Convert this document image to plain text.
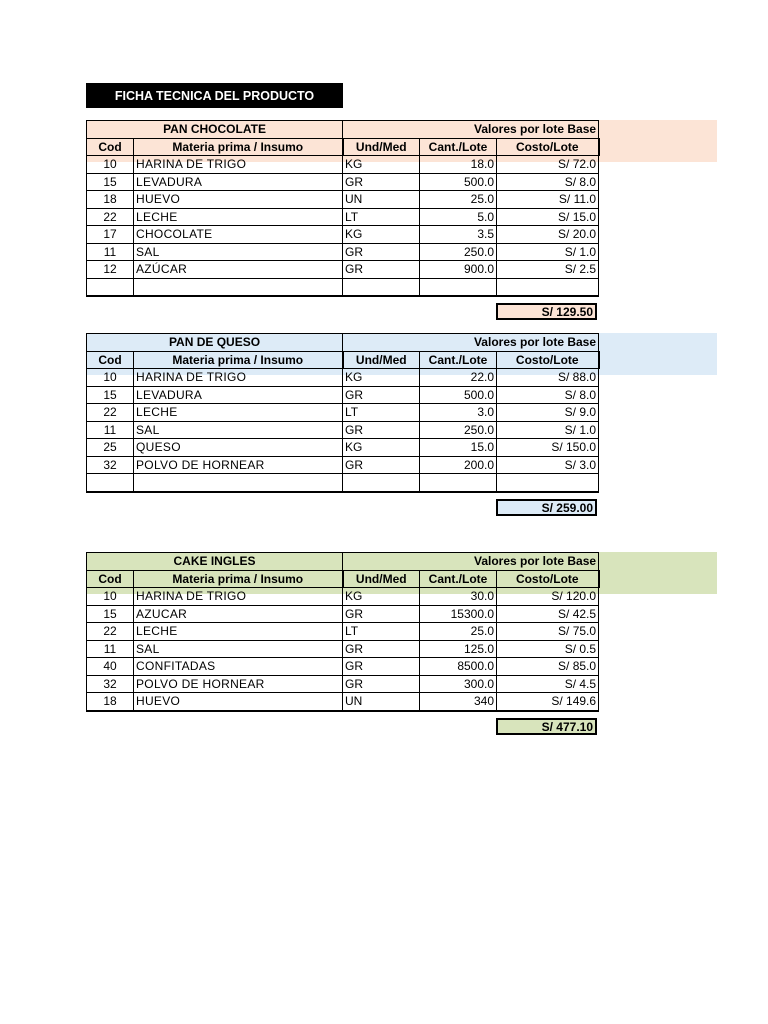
FICHA TECNICA DEL PRODUCTO
PAN CHOCOLATE		Valores por lote Base		
Cod	Materia prima / Insumo	Und/Med	Cant./Lote	Costo/Lote
10	HARINA DE TRIGO	KG	18.0	S/ 72.0
15	LEVADURA	GR	500.0	S/ 8.0
18	HUEVO	UN	25.0	S/ 11.0
22	LECHE	LT	5.0	S/ 15.0
17	CHOCOLATE	KG	3.5	S/ 20.0
11	SAL	GR	250.0	S/ 1.0
12	AZÚCAR	GR	900.0	S/ 2.5

S/ 129.50
PAN DE QUESO		Valores por lote Base		
Cod	Materia prima / Insumo	Und/Med	Cant./Lote	Costo/Lote
10	HARINA DE TRIGO	KG	22.0	S/ 88.0
15	LEVADURA	GR	500.0	S/ 8.0
22	LECHE	LT	3.0	S/ 9.0
11	SAL	GR	250.0	S/ 1.0
25	QUESO	KG	15.0	S/ 150.0
32	POLVO DE HORNEAR	GR	200.0	S/ 3.0

S/ 259.00
CAKE INGLES		Valores por lote Base		
Cod	Materia prima / Insumo	Und/Med	Cant./Lote	Costo/Lote
10	HARINA DE TRIGO	KG	30.0	S/ 120.0
15	AZUCAR	GR	15300.0	S/ 42.5
22	LECHE	LT	25.0	S/ 75.0
11	SAL	GR	125.0	S/ 0.5
40	CONFITADAS	GR	8500.0	S/ 85.0
32	POLVO DE HORNEAR	GR	300.0	S/ 4.5
18	HUEVO	UN	340	S/ 149.6
S/ 477.10
